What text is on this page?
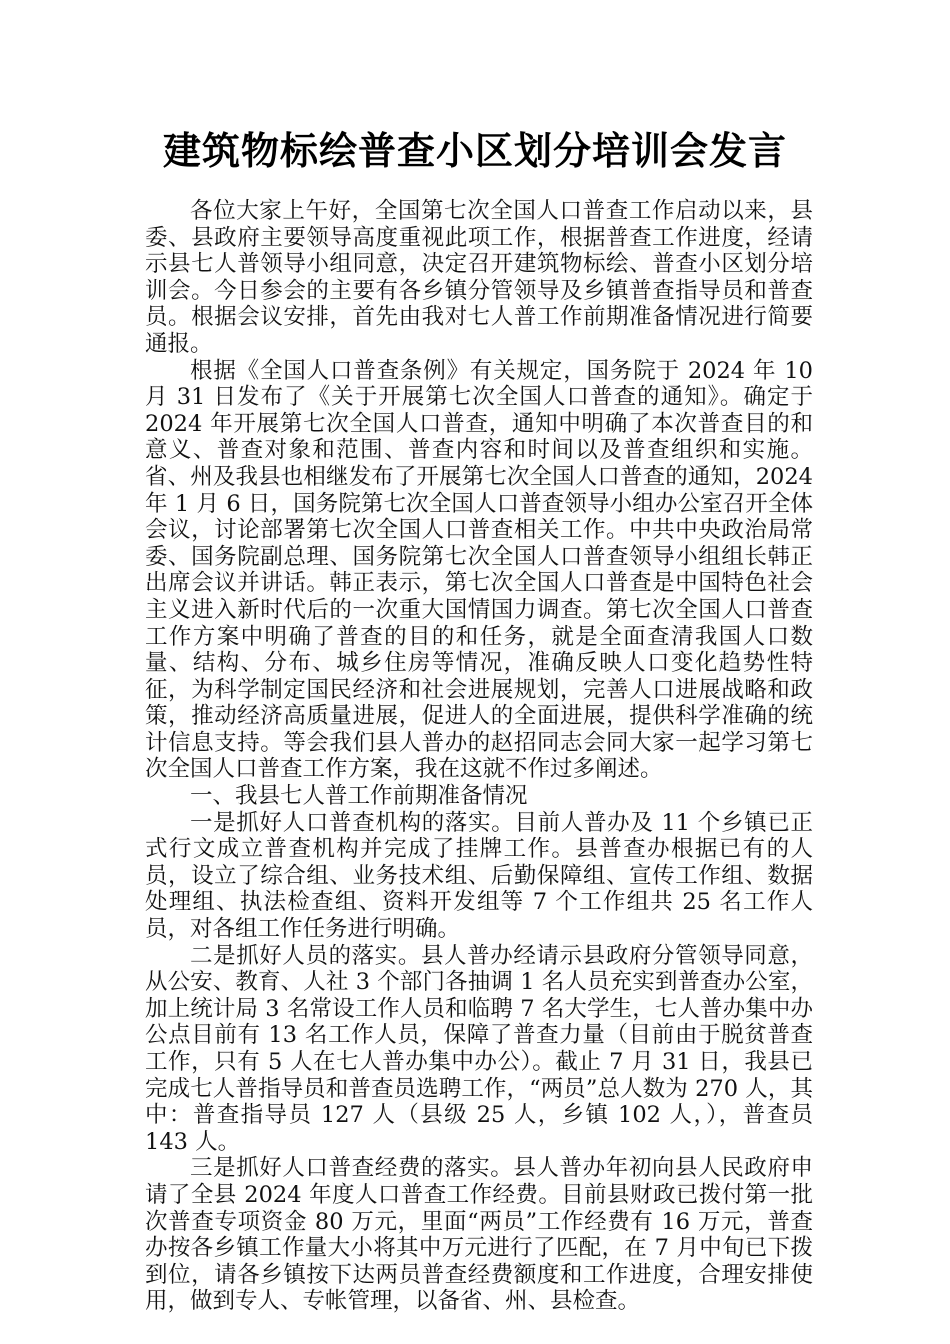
建筑物标绘普查小区划分培训会发言

各位大家上午好，全国第七次全国人口普查工作启动以来，县委、县政府主要领导高度重视此项工作，根据普查工作进度，经请示县七人普领导小组同意，决定召开建筑物标绘、普查小区划分培训会。今日参会的主要有各乡镇分管领导及乡镇普查指导员和普查员。根据会议安排，首先由我对七人普工作前期准备情况进行简要通报。

根据《全国人口普查条例》有关规定，国务院于 2024 年 10 月 31 日发布了《关于开展第七次全国人口普查的通知》。确定于 2024 年开展第七次全国人口普查，通知中明确了本次普查目的和意义、普查对象和范围、普查内容和时间以及普查组织和实施。省、州及我县也相继发布了开展第七次全国人口普查的通知，2024 年 1 月 6 日，国务院第七次全国人口普查领导小组办公室召开全体会议，讨论部署第七次全国人口普查相关工作。中共中央政治局常委、国务院副总理、国务院第七次全国人口普查领导小组组长韩正出席会议并讲话。韩正表示，第七次全国人口普查是中国特色社会主义进入新时代后的一次重大国情国力调查。第七次全国人口普查工作方案中明确了普查的目的和任务，就是全面查清我国人口数量、结构、分布、城乡住房等情况，准确反映人口变化趋势性特征，为科学制定国民经济和社会进展规划，完善人口进展战略和政策，推动经济高质量进展，促进人的全面进展，提供科学准确的统计信息支持。等会我们县人普办的赵招同志会同大家一起学习第七次全国人口普查工作方案，我在这就不作过多阐述。

一、我县七人普工作前期准备情况

一是抓好人口普查机构的落实。目前人普办及 11 个乡镇已正式行文成立普查机构并完成了挂牌工作。县普查办根据已有的人员，设立了综合组、业务技术组、后勤保障组、宣传工作组、数据处理组、执法检查组、资料开发组等 7 个工作组共 25 名工作人员，对各组工作任务进行明确。

二是抓好人员的落实。县人普办经请示县政府分管领导同意，从公安、教育、人社 3 个部门各抽调 1 名人员充实到普查办公室，加上统计局 3 名常设工作人员和临聘 7 名大学生，七人普办集中办公点目前有 13 名工作人员，保障了普查力量（目前由于脱贫普查工作，只有 5 人在七人普办集中办公）。截止 7 月 31 日，我县已完成七人普指导员和普查员选聘工作，“两员”总人数为 270 人，其中：普查指导员 127 人（县级 25 人，乡镇 102 人，），普查员 143 人。

三是抓好人口普查经费的落实。县人普办年初向县人民政府申请了全县 2024 年度人口普查工作经费。目前县财政已拨付第一批次普查专项资金 80 万元，里面“两员”工作经费有 16 万元，普查办按各乡镇工作量大小将其中万元进行了匹配，在 7 月中旬已下拨到位，请各乡镇按下达两员普查经费额度和工作进度，合理安排使用，做到专人、专帐管理，以备省、州、县检查。
